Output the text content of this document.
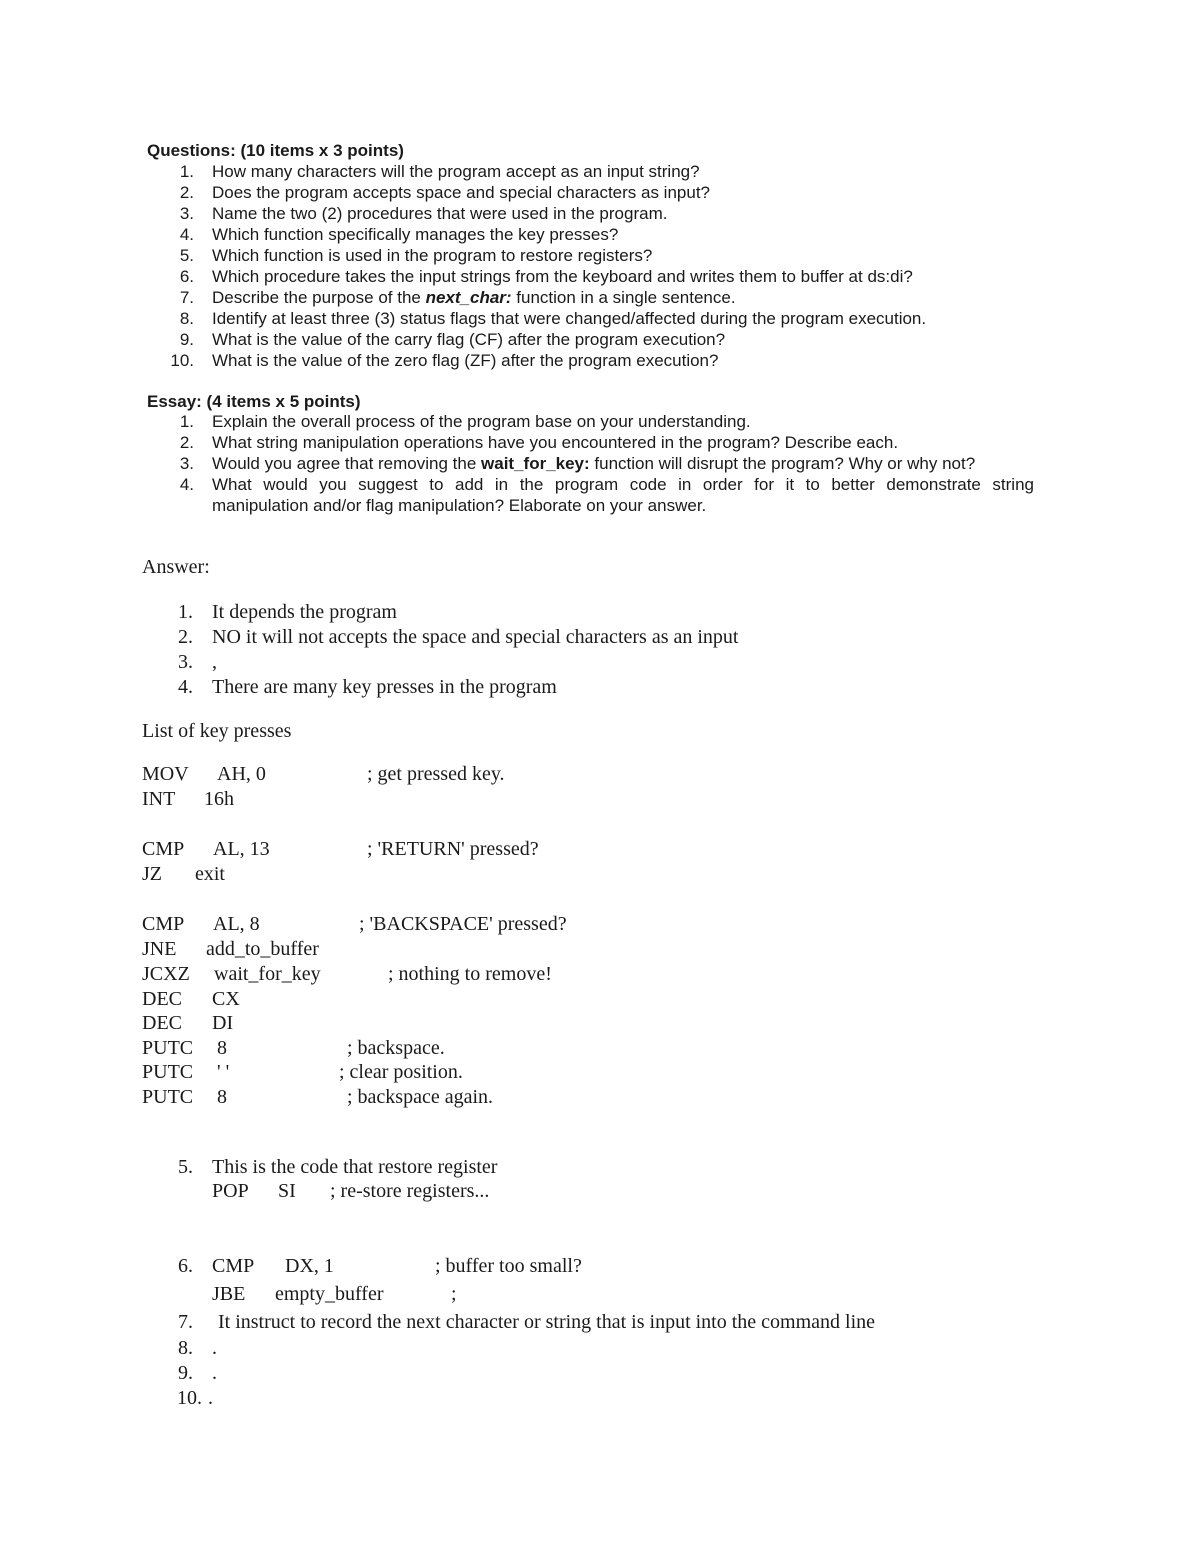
Questions: (10 items x 3 points)
1. How many characters will the program accept as an input string?
2. Does the program accepts space and special characters as input?
3. Name the two (2) procedures that were used in the program.
4. Which function specifically manages the key presses?
5. Which function is used in the program to restore registers?
6. Which procedure takes the input strings from the keyboard and writes them to buffer at ds:di?
7. Describe the purpose of the next_char: function in a single sentence.
8. Identify at least three (3) status flags that were changed/affected during the program execution.
9. What is the value of the carry flag (CF) after the program execution?
10. What is the value of the zero flag (ZF) after the program execution?
Essay: (4 items x 5 points)
1. Explain the overall process of the program base on your understanding.
2. What string manipulation operations have you encountered in the program? Describe each.
3. Would you agree that removing the wait_for_key: function will disrupt the program? Why or why not?
4. What would you suggest to add in the program code in order for it to better demonstrate string
manipulation and/or flag manipulation? Elaborate on your answer.
Answer:
1. It depends the program
2. NO it will not accepts the space and special characters as an input
3. ,
4. There are many key presses in the program
List of key presses
MOV AH, 0	; get pressed key.
INT 16h
CMP AL, 13	; 'RETURN' pressed?
JZ exit
CMP AL, 8	; 'BACKSPACE' pressed?
JNE add_to_buffer
JCXZ wait_for_key	; nothing to remove!
DEC CX
DEC DI
PUTC 8	; backspace.
PUTC ' '	; clear position.
PUTC 8	; backspace again.
5. This is the code that restore register
POP SI ; re-store registers...
6. CMP DX, 1	; buffer too small?
JBE empty_buffer	;
7. It instruct to record the next character or string that is input into the command line
8. .
9. .
10. .
